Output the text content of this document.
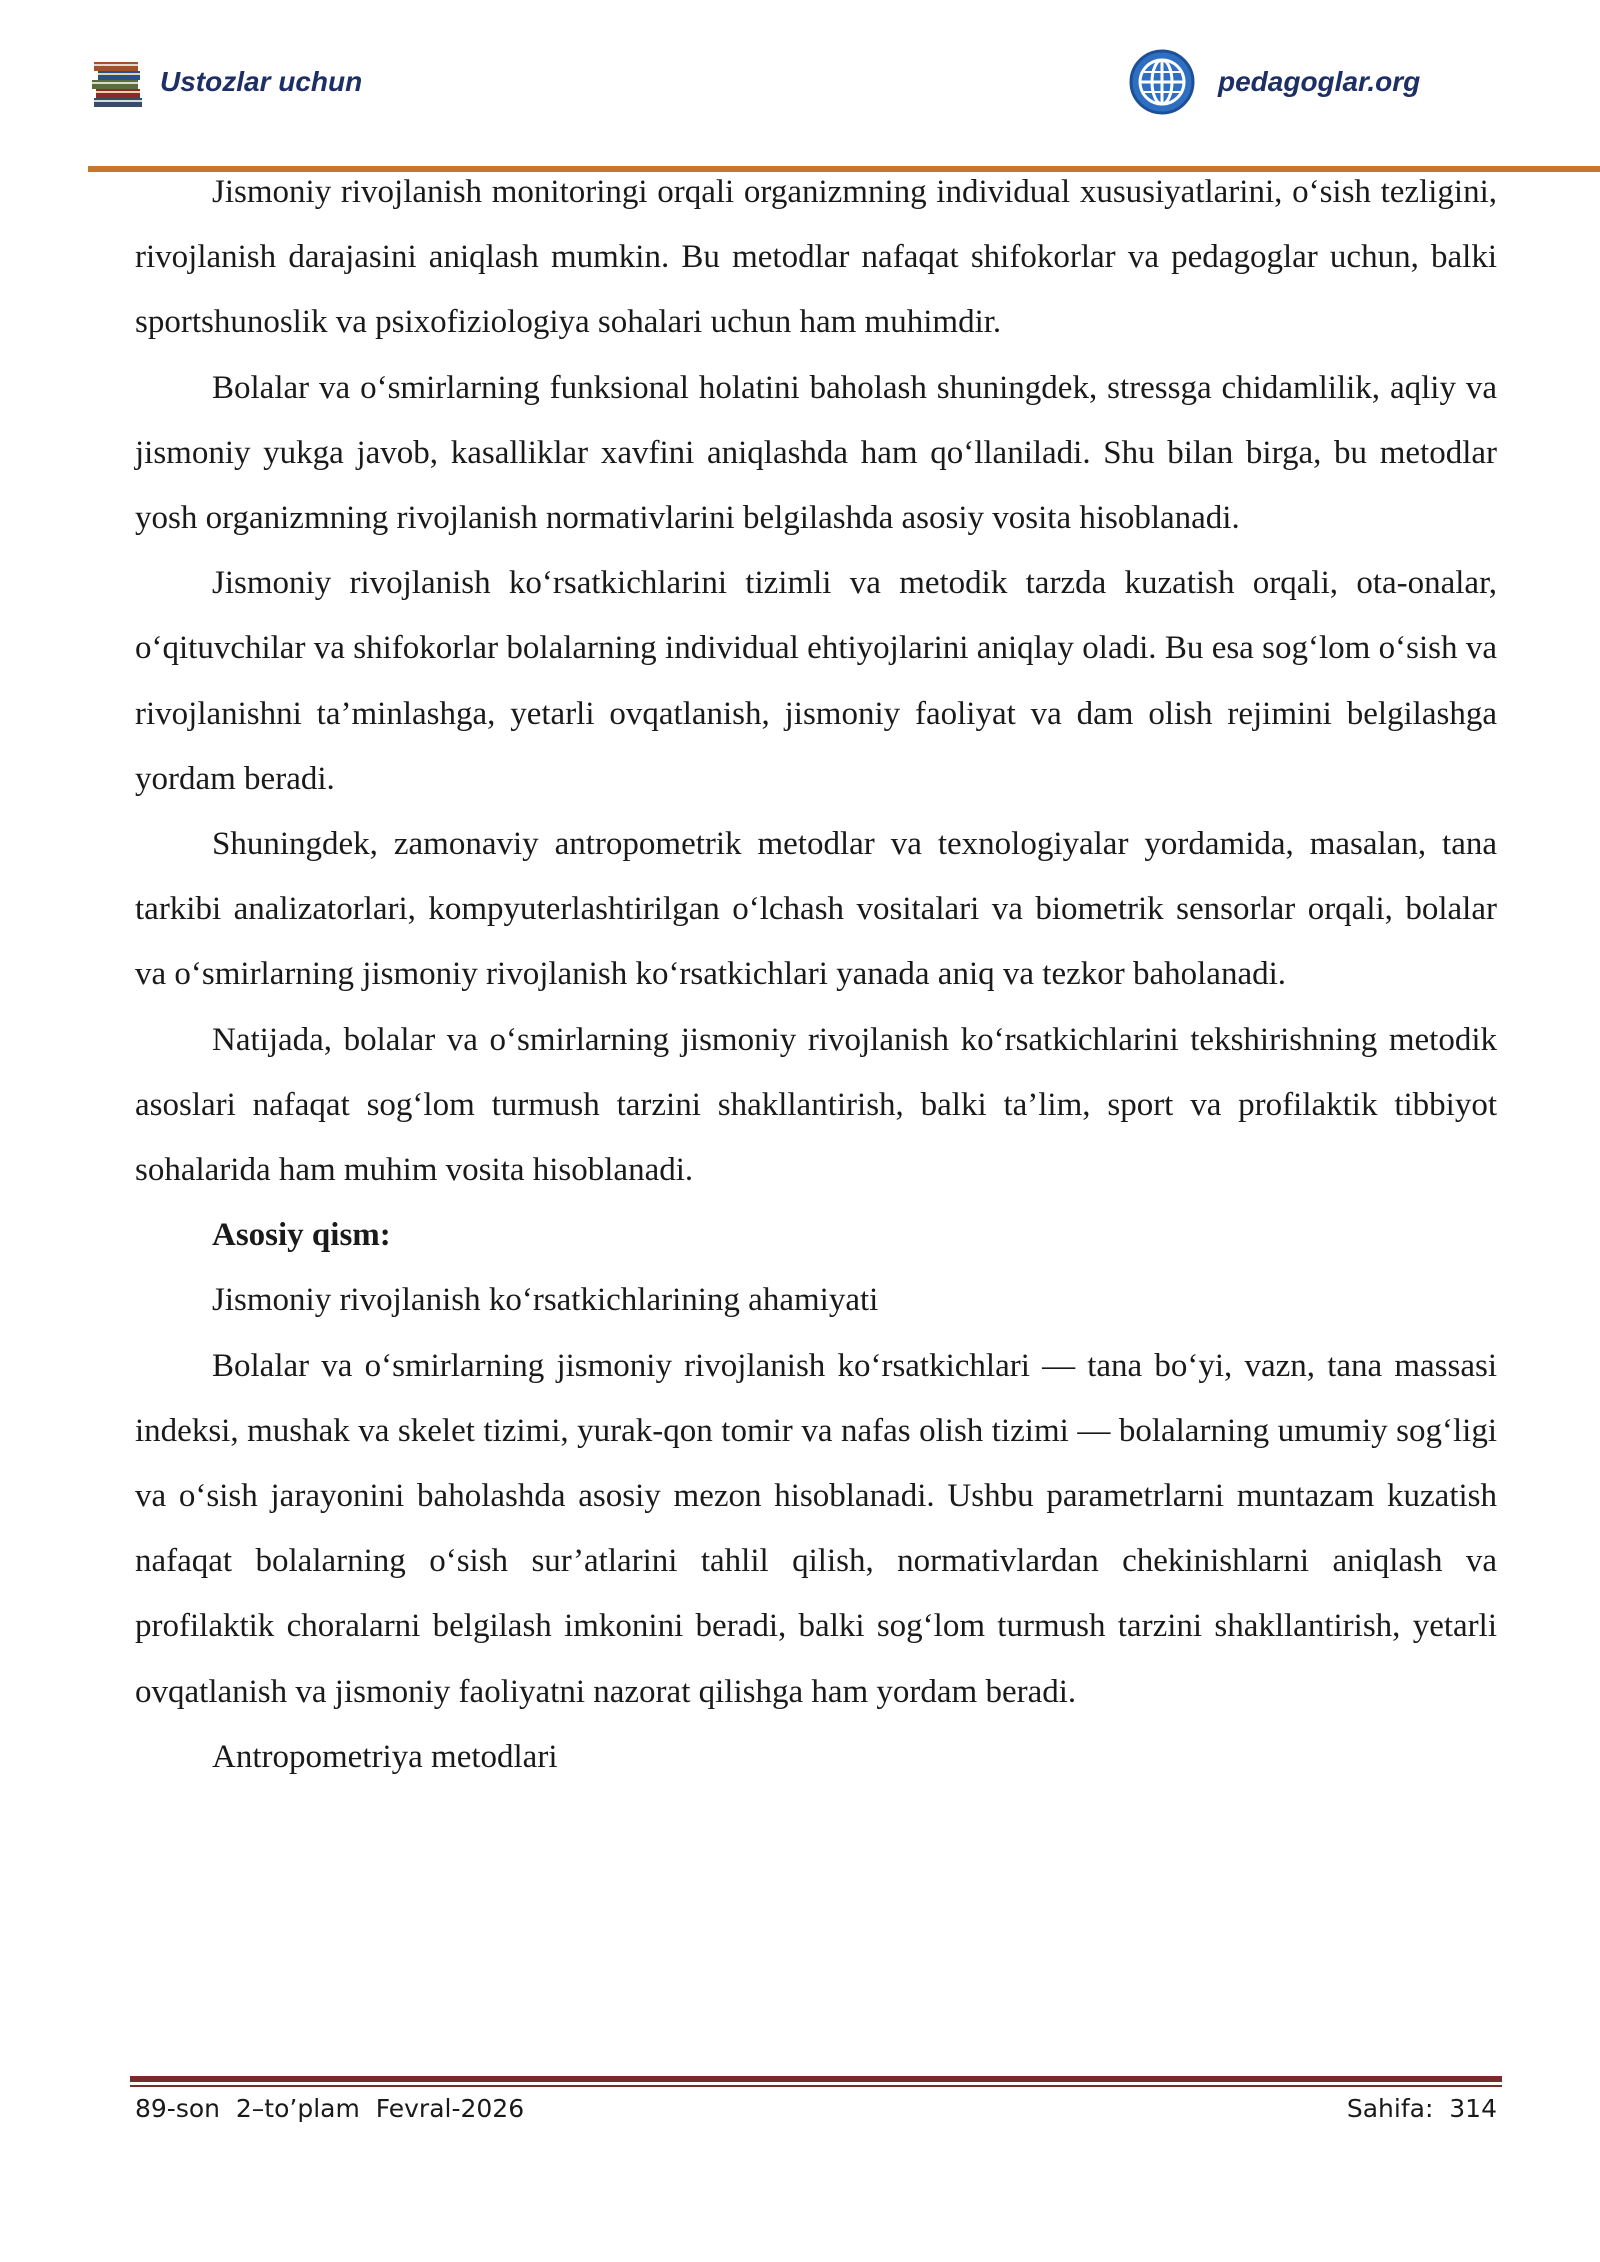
Ustozlar uchun	pedagoglar.org

Jismoniy rivojlanish monitoringi orqali organizmning individual xususiyatlarini, o‘sish tezligini, rivojlanish darajasini aniqlash mumkin. Bu metodlar nafaqat shifokorlar va pedagoglar uchun, balki sportshunoslik va psixofiziologiya sohalari uchun ham muhimdir.

Bolalar va o‘smirlarning funksional holatini baholash shuningdek, stressga chidamlilik, aqliy va jismoniy yukga javob, kasalliklar xavfini aniqlashda ham qo‘llaniladi. Shu bilan birga, bu metodlar yosh organizmning rivojlanish normativlarini belgilashda asosiy vosita hisoblanadi.

Jismoniy rivojlanish ko‘rsatkichlarini tizimli va metodik tarzda kuzatish orqali, ota-onalar, o‘qituvchilar va shifokorlar bolalarning individual ehtiyojlarini aniqlay oladi. Bu esa sog‘lom o‘sish va rivojlanishni ta’minlashga, yetarli ovqatlanish, jismoniy faoliyat va dam olish rejimini belgilashga yordam beradi.

Shuningdek, zamonaviy antropometrik metodlar va texnologiyalar yordamida, masalan, tana tarkibi analizatorlari, kompyuterlashtirilgan o‘lchash vositalari va biometrik sensorlar orqali, bolalar va o‘smirlarning jismoniy rivojlanish ko‘rsatkichlari yanada aniq va tezkor baholanadi.

Natijada, bolalar va o‘smirlarning jismoniy rivojlanish ko‘rsatkichlarini tekshirishning metodik asoslari nafaqat sog‘lom turmush tarzini shakllantirish, balki ta’lim, sport va profilaktik tibbiyot sohalarida ham muhim vosita hisoblanadi.

Asosiy qism:

Jismoniy rivojlanish ko‘rsatkichlarining ahamiyati

Bolalar va o‘smirlarning jismoniy rivojlanish ko‘rsatkichlari — tana bo‘yi, vazn, tana massasi indeksi, mushak va skelet tizimi, yurak-qon tomir va nafas olish tizimi — bolalarning umumiy sog‘ligi va o‘sish jarayonini baholashda asosiy mezon hisoblanadi. Ushbu parametrlarni muntazam kuzatish nafaqat bolalarning o‘sish sur’atlarini tahlil qilish, normativlardan chekinishlarni aniqlash va profilaktik choralarni belgilash imkonini beradi, balki sog‘lom turmush tarzini shakllantirish, yetarli ovqatlanish va jismoniy faoliyatni nazorat qilishga ham yordam beradi.

Antropometriya metodlari

89-son  2–to’plam  Fevral-2026

	Sahifa:  314
